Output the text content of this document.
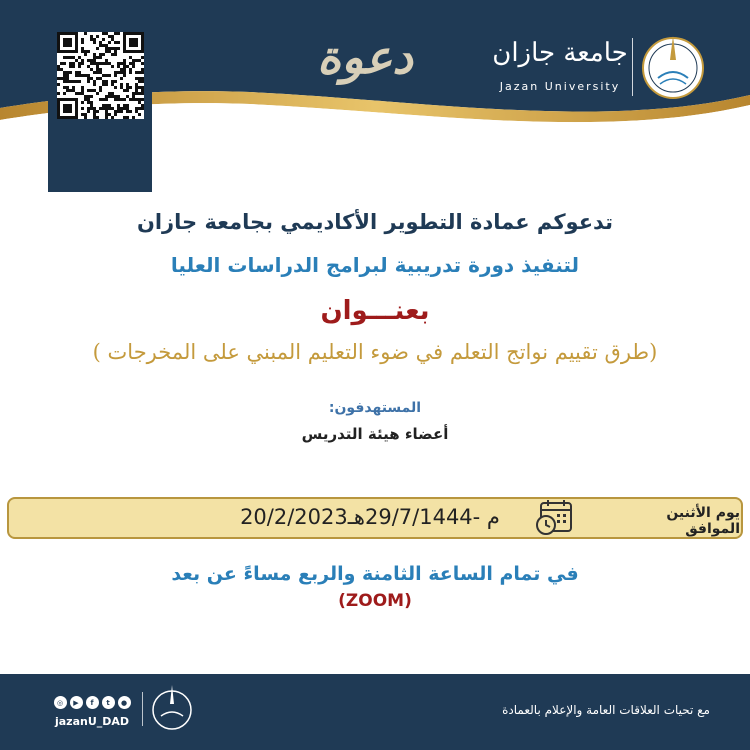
دعوة	جامعة جازان
Jazan University
تدعوكم عمادة التطوير الأكاديمي بجامعة جازان
لتنفيذ دورة تدريبية لبرامج الدراسات العليا
بعنـــوان
(طرق تقييم نواتج التعلم في ضوء التعليم المبني على المخرجات )
المستهدفون:
أعضاء هيئة التدريس
يوم الأثنين الموافق
20/2/2023م -29/7/1444هـ
في تمام الساعة الثامنة والربع مساءً عن بعد
(ZOOM)
مع تحيات العلاقات العامة والإعلام بالعمادة
◎	▶	f	t	●
jazanU_DAD
